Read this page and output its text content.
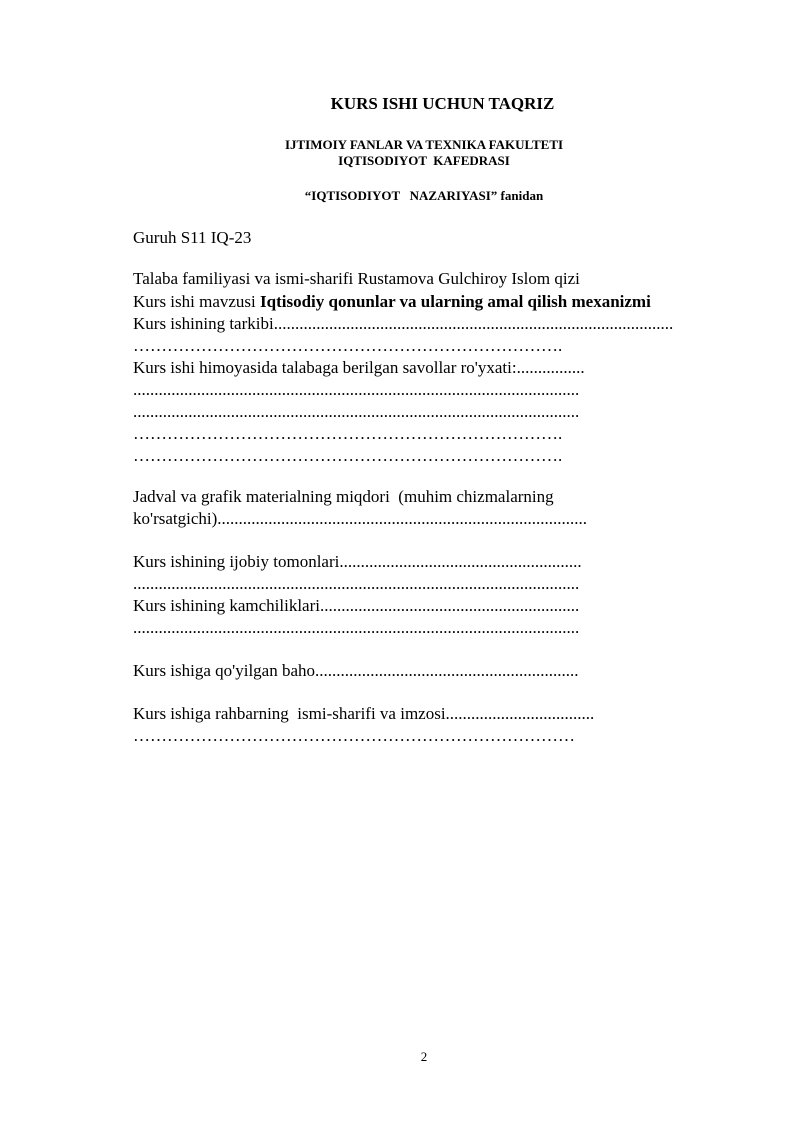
KURS ISHI UCHUN TAQRIZ

IJTIMOIY FANLAR VA TEXNIKA FAKULTETI

IQTISODIYOT  KAFEDRASI

“IQTISODIYOT   NAZARIYASI” fanidan

Guruh S11 IQ-23

Talaba familiyasi va ismi-sharifi Rustamova Gulchiroy Islom qizi

Kurs ishi mavzusi Iqtisodiy qonunlar va ularning amal qilish mexanizmi

Kurs ishining tarkibi..............................................................................................

………………………………………………………………….

Kurs ishi himoyasida talabaga berilgan savollar ro'yxati:................

.........................................................................................................

.........................................................................................................

………………………………………………………………….

………………………………………………………………….

Jadval va grafik materialning miqdori  (muhim chizmalarning

ko'rsatgichi).......................................................................................

Kurs ishining ijobiy tomonlari.........................................................

.........................................................................................................

Kurs ishining kamchiliklari.............................................................

.........................................................................................................

Kurs ishiga qo'yilgan baho..............................................................

Kurs ishiga rahbarning  ismi-sharifi va imzosi...................................

……………………………………………………………………

2
